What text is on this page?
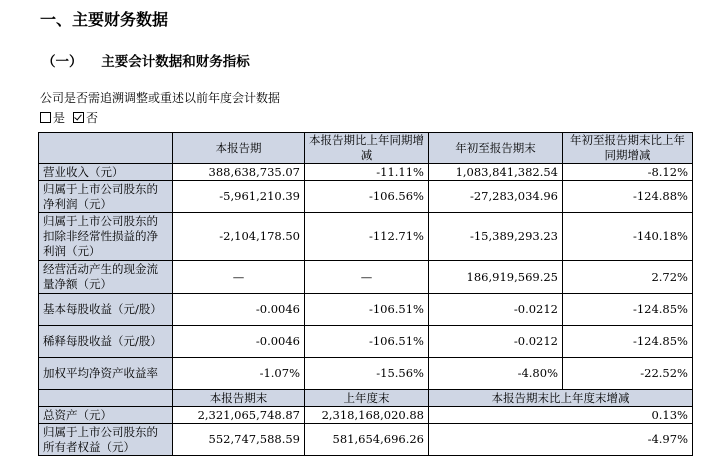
一、主要财务数据
（一） 主要会计数据和财务指标
公司是否需追溯调整或重述以前年度会计数据
是 否
	本报告期	本报告期比上年同期增减	年初至报告期末	年初至报告期末比上年同期增减
营业收入（元）	388,638,735.07	-11.11%	1,083,841,382.54	-8.12%
归属于上市公司股东的净利润（元）	-5,961,210.39	-106.56%	-27,283,034.96	-124.88%
归属于上市公司股东的扣除非经常性损益的净利润（元）	-2,104,178.50	-112.71%	-15,389,293.23	-140.18%
经营活动产生的现金流量净额（元）	—	—	186,919,569.25	2.72%
基本每股收益（元/股）	-0.0046	-106.51%	-0.0212	-124.85%
稀释每股收益（元/股）	-0.0046	-106.51%	-0.0212	-124.85%
加权平均净资产收益率	-1.07%	-15.56%	-4.80%	-22.52%
	本报告期末	上年度末	本报告期末比上年度末增减	
总资产（元）	2,321,065,748.87	2,318,168,020.88	0.13%	
归属于上市公司股东的所有者权益（元）	552,747,588.59	581,654,696.26	-4.97%	
